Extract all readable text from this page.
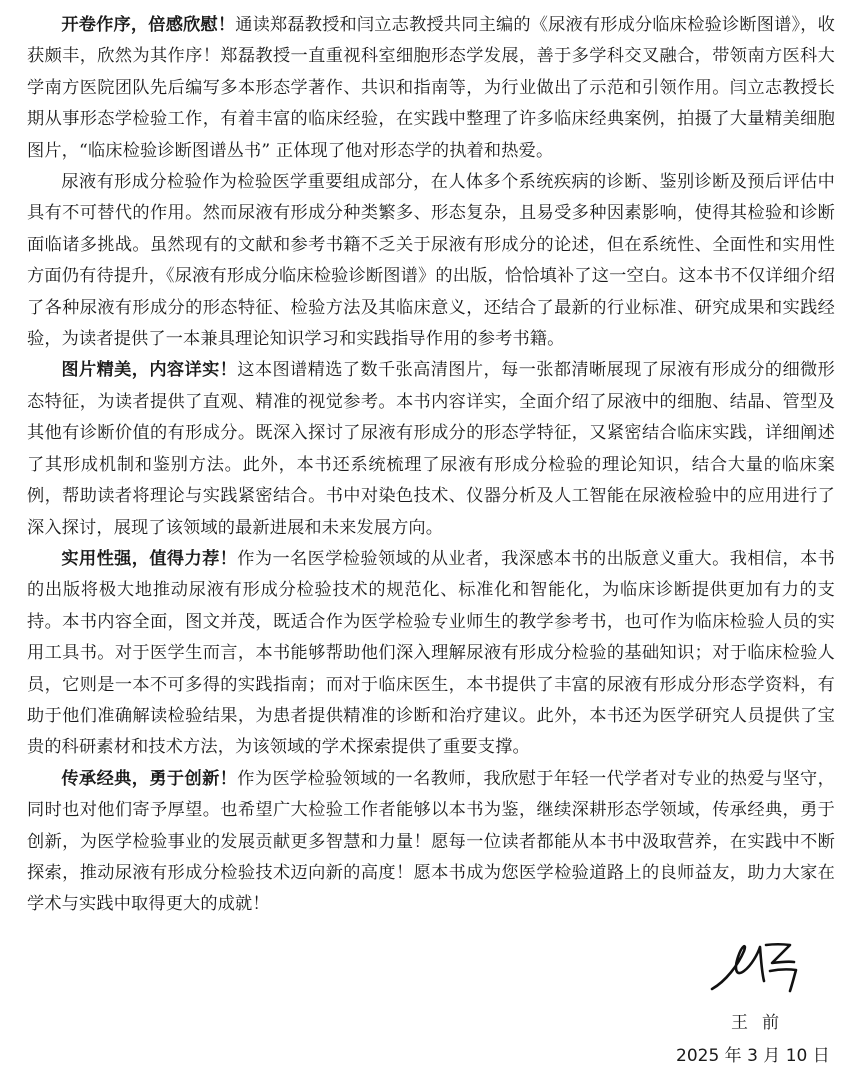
开卷作序，倍感欣慰！通读郑磊教授和闫立志教授共同主编的《尿液有形成分临床检验诊断图谱》，收获颇丰，欣然为其作序！郑磊教授一直重视科室细胞形态学发展，善于多学科交叉融合，带领南方医科大学南方医院团队先后编写多本形态学著作、共识和指南等，为行业做出了示范和引领作用。闫立志教授长期从事形态学检验工作，有着丰富的临床经验，在实践中整理了许多临床经典案例，拍摄了大量精美细胞图片，“临床检验诊断图谱丛书” 正体现了他对形态学的执着和热爱。

尿液有形成分检验作为检验医学重要组成部分，在人体多个系统疾病的诊断、鉴别诊断及预后评估中具有不可替代的作用。然而尿液有形成分种类繁多、形态复杂，且易受多种因素影响，使得其检验和诊断面临诸多挑战。虽然现有的文献和参考书籍不乏关于尿液有形成分的论述，但在系统性、全面性和实用性方面仍有待提升，《尿液有形成分临床检验诊断图谱》的出版，恰恰填补了这一空白。这本书不仅详细介绍了各种尿液有形成分的形态特征、检验方法及其临床意义，还结合了最新的行业标准、研究成果和实践经验，为读者提供了一本兼具理论知识学习和实践指导作用的参考书籍。

图片精美，内容详实！这本图谱精选了数千张高清图片，每一张都清晰展现了尿液有形成分的细微形态特征，为读者提供了直观、精准的视觉参考。本书内容详实，全面介绍了尿液中的细胞、结晶、管型及其他有诊断价值的有形成分。既深入探讨了尿液有形成分的形态学特征，又紧密结合临床实践，详细阐述了其形成机制和鉴别方法。此外，本书还系统梳理了尿液有形成分检验的理论知识，结合大量的临床案例，帮助读者将理论与实践紧密结合。书中对染色技术、仪器分析及人工智能在尿液检验中的应用进行了深入探讨，展现了该领域的最新进展和未来发展方向。

实用性强，值得力荐！作为一名医学检验领域的从业者，我深感本书的出版意义重大。我相信，本书的出版将极大地推动尿液有形成分检验技术的规范化、标准化和智能化，为临床诊断提供更加有力的支持。本书内容全面，图文并茂，既适合作为医学检验专业师生的教学参考书，也可作为临床检验人员的实用工具书。对于医学生而言，本书能够帮助他们深入理解尿液有形成分检验的基础知识；对于临床检验人员，它则是一本不可多得的实践指南；而对于临床医生，本书提供了丰富的尿液有形成分形态学资料，有助于他们准确解读检验结果，为患者提供精准的诊断和治疗建议。此外，本书还为医学研究人员提供了宝贵的科研素材和技术方法，为该领域的学术探索提供了重要支撑。

传承经典，勇于创新！作为医学检验领域的一名教师，我欣慰于年轻一代学者对专业的热爱与坚守，同时也对他们寄予厚望。也希望广大检验工作者能够以本书为鉴，继续深耕形态学领域，传承经典，勇于创新，为医学检验事业的发展贡献更多智慧和力量！愿每一位读者都能从本书中汲取营养，在实践中不断探索，推动尿液有形成分检验技术迈向新的高度！愿本书成为您医学检验道路上的良师益友，助力大家在学术与实践中取得更大的成就！

王前
2025 年 3 月 10 日
